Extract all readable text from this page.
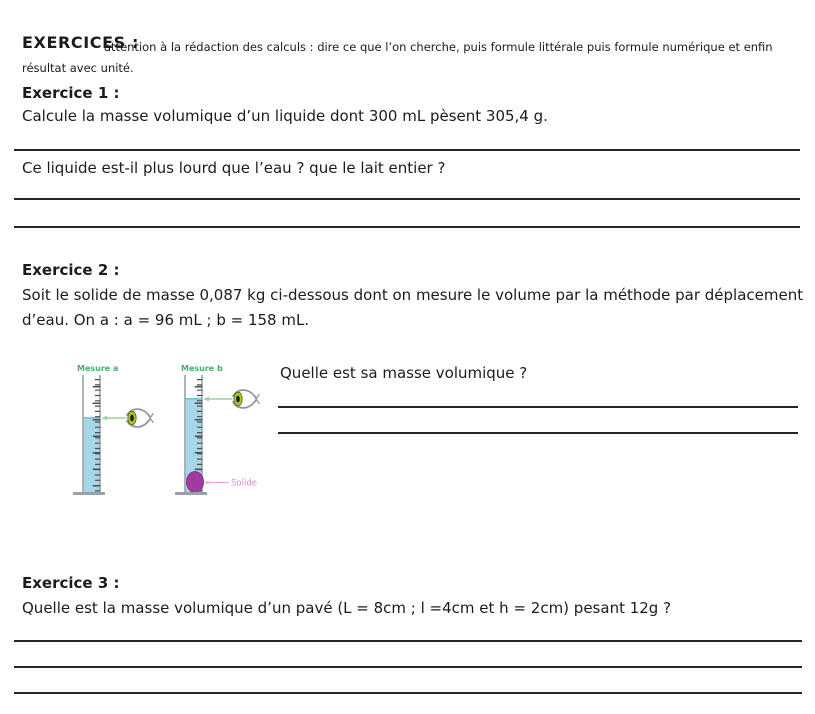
EXERCICES :
attention à la rédaction des calculs : dire ce que l’on cherche, puis formule littérale puis formule numérique et enfin
résultat avec unité.
Exercice 1 :
Calcule la masse volumique d’un liquide dont 300 mL pèsent 305,4 g.
Ce liquide est-il plus lourd que l’eau ? que le lait entier ?
Exercice 2 :
Soit le solide de masse 0,087 kg ci-dessous dont on mesure le volume par la méthode par déplacement
d’eau. On a : a = 96 mL ; b = 158 mL.
Mesure a	Mesure b
Solide
Quelle est sa masse volumique ?
Exercice 3 :
Quelle est la masse volumique d’un pavé (L = 8cm ; l =4cm et h = 2cm) pesant 12g ?
